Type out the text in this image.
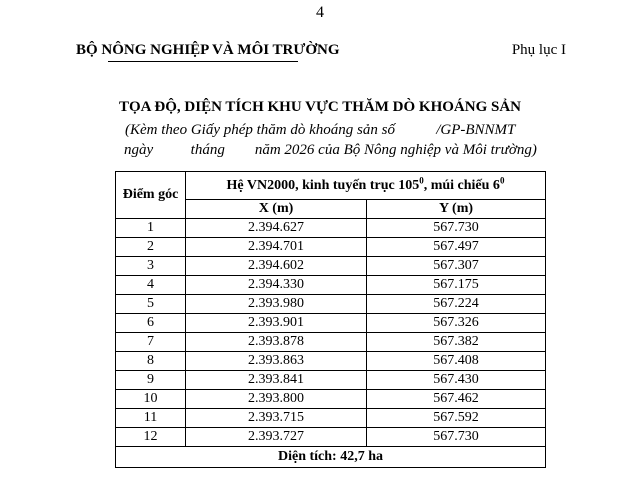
4
BỘ NÔNG NGHIỆP VÀ MÔI TRƯỜNG	Phụ lục I
TỌA ĐỘ, DIỆN TÍCH KHU VỰC THĂM DÒ KHOÁNG SẢN
(Kèm theo Giấy phép thăm dò khoáng sản số           /GP-BNNMT
ngày          tháng        năm 2026 của Bộ Nông nghiệp và Môi trường)
Điểm góc	Hệ VN2000, kinh tuyến trục $105^0$, múi chiếu $6^0$
	X (m)	Y (m)
1	2.394.627	567.730
2	2.394.701	567.497
3	2.394.602	567.307
4	2.394.330	567.175
5	2.393.980	567.224
6	2.393.901	567.326
7	2.393.878	567.382
8	2.393.863	567.408
9	2.393.841	567.430
10	2.393.800	567.462
11	2.393.715	567.592
12	2.393.727	567.730
Diện tích: 42,7 ha		
